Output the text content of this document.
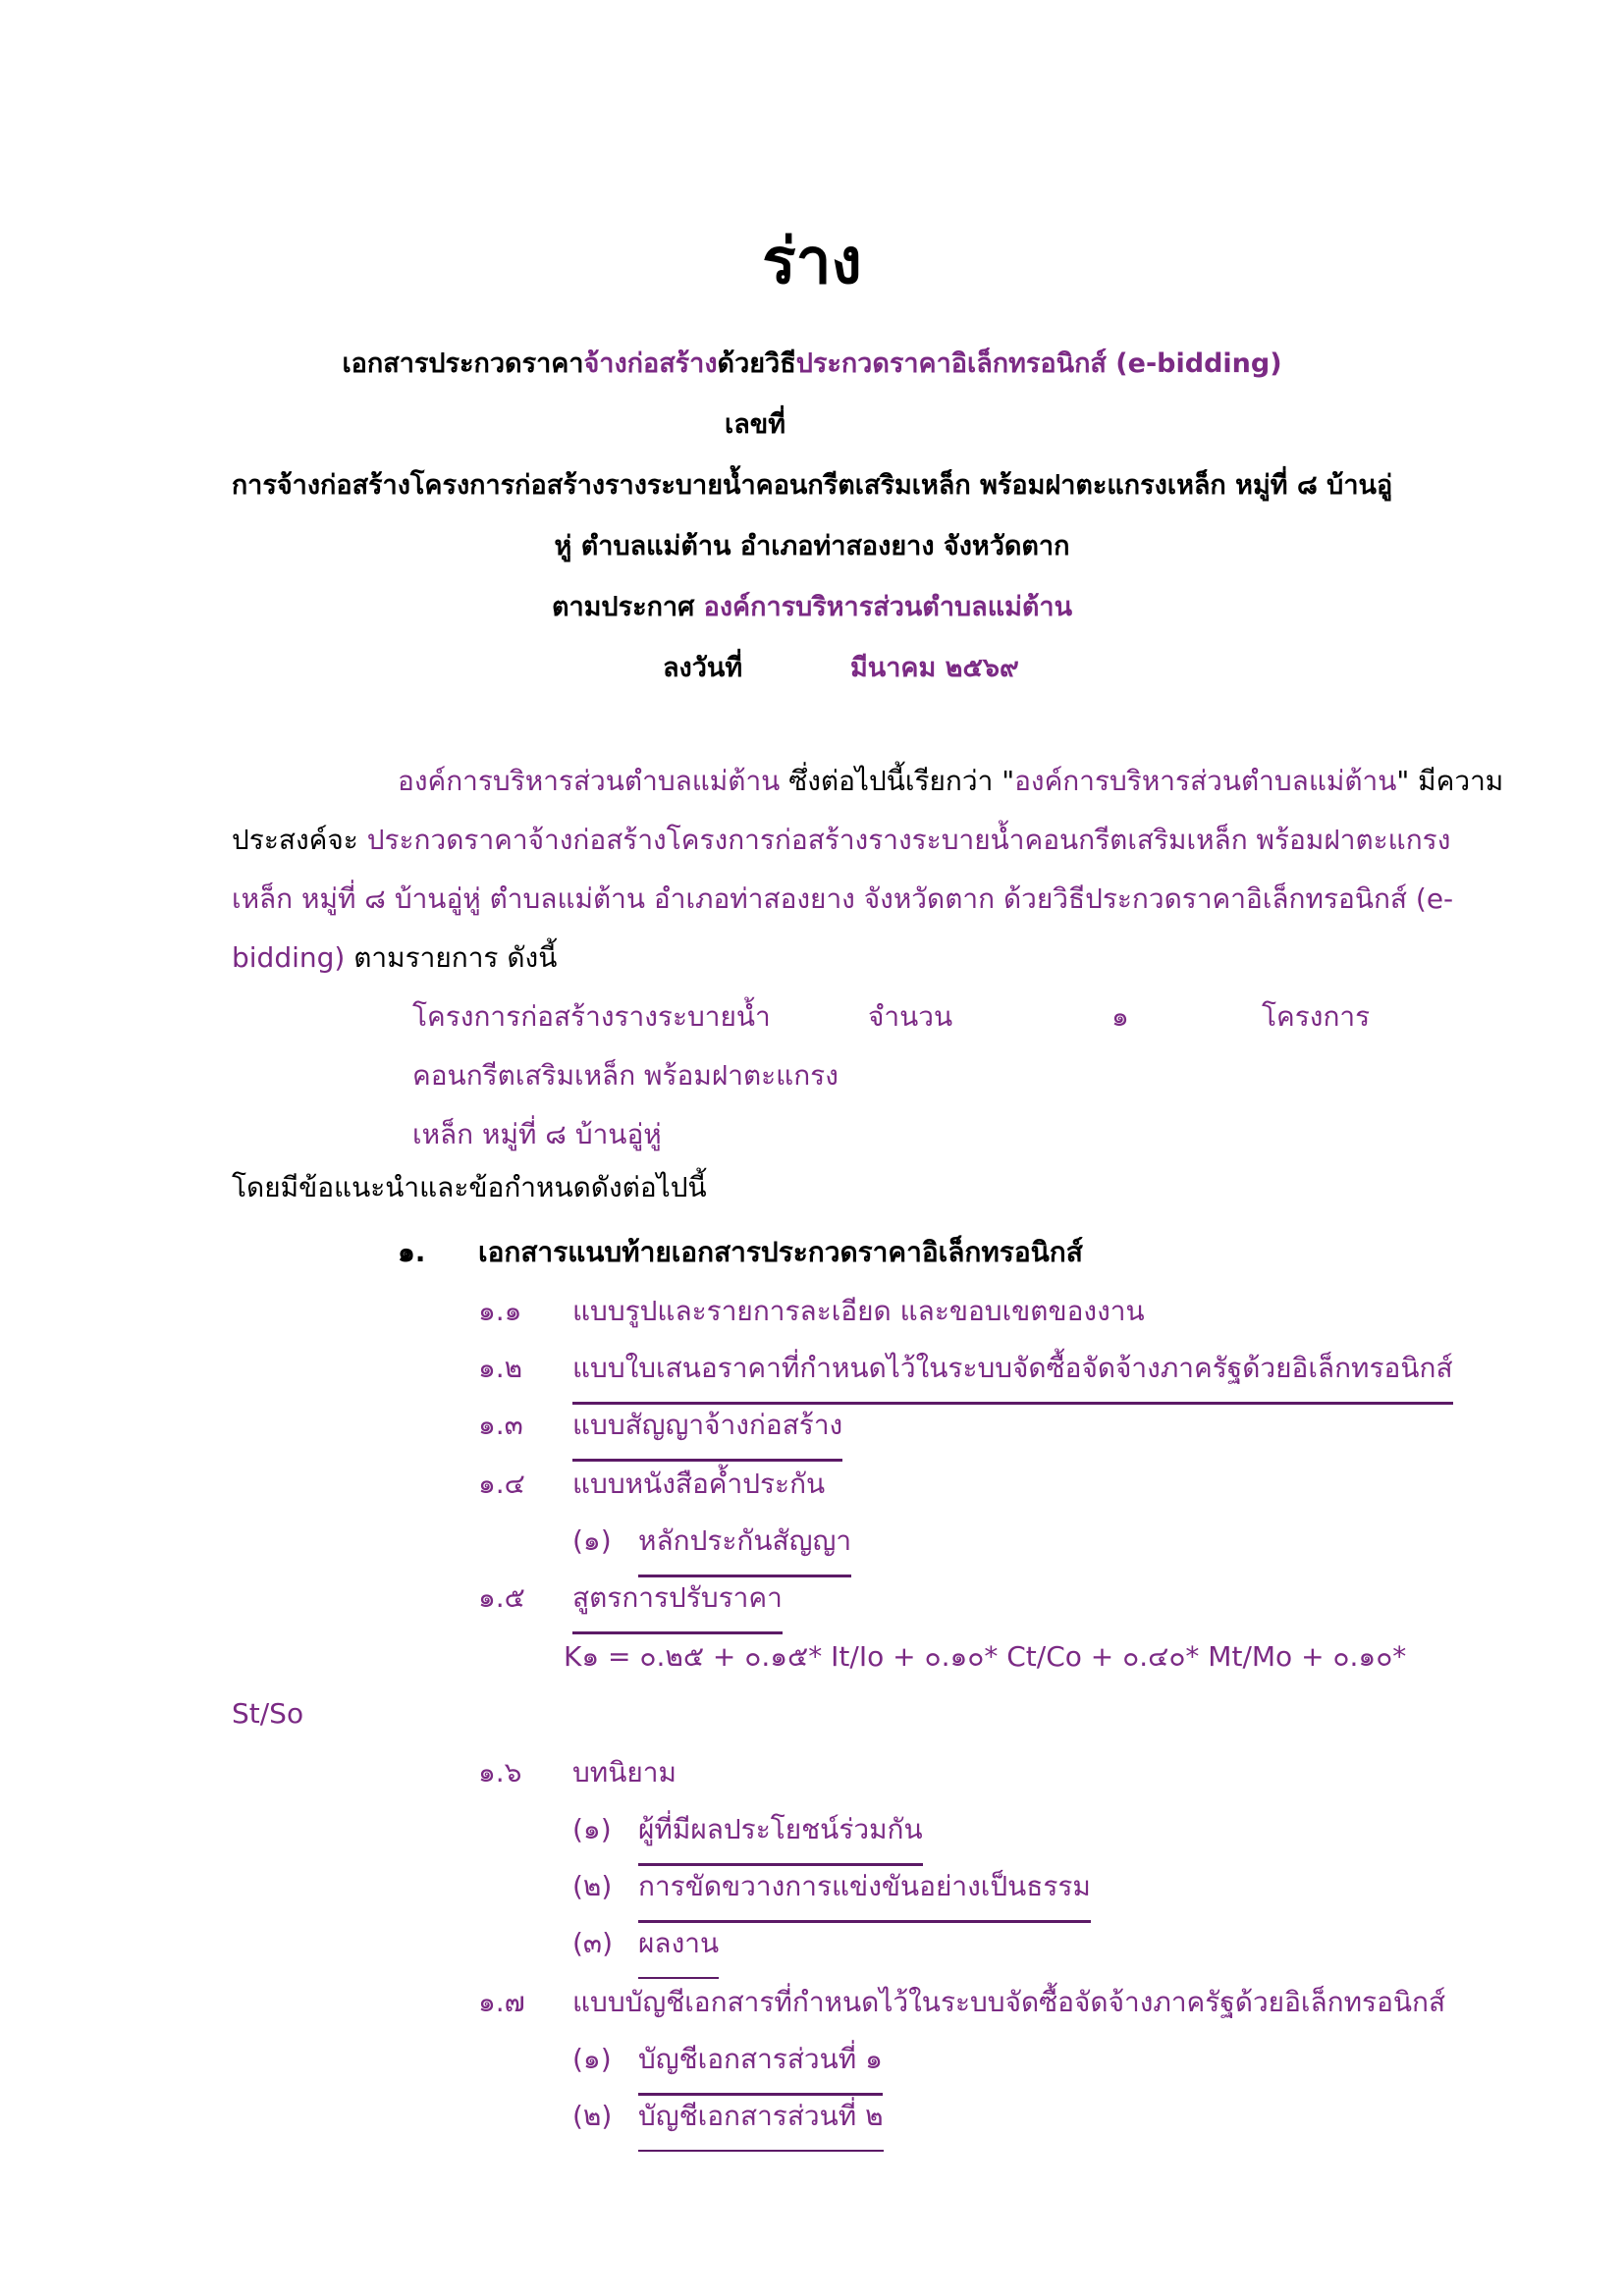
ร่าง
เอกสารประกวดราคาจ้างก่อสร้างด้วยวิธีประกวดราคาอิเล็กทรอนิกส์ (e-bidding)
เลขที่
การจ้างก่อสร้างโครงการก่อสร้างรางระบายน้ำคอนกรีตเสริมเหล็ก พร้อมฝาตะแกรงเหล็ก หมู่ที่ ๘ บ้านอู่
หู่ ตำบลแม่ต้าน อำเภอท่าสองยาง จังหวัดตาก
ตามประกาศ องค์การบริหารส่วนตำบลแม่ต้าน
ลงวันที่	มีนาคม ๒๕๖๙
องค์การบริหารส่วนตำบลแม่ต้าน ซึ่งต่อไปนี้เรียกว่า "องค์การบริหารส่วนตำบลแม่ต้าน" มีความ
ประสงค์จะ ประกวดราคาจ้างก่อสร้างโครงการก่อสร้างรางระบายน้ำคอนกรีตเสริมเหล็ก พร้อมฝาตะแกรง
เหล็ก หมู่ที่ ๘ บ้านอู่หู่ ตำบลแม่ต้าน อำเภอท่าสองยาง จังหวัดตาก ด้วยวิธีประกวดราคาอิเล็กทรอนิกส์ (e-
bidding) ตามรายการ ดังนี้
โครงการก่อสร้างรางระบายน้ำ	จำนวน	๑	โครงการ
คอนกรีตเสริมเหล็ก พร้อมฝาตะแกรง
เหล็ก หมู่ที่ ๘ บ้านอู่หู่
โดยมีข้อแนะนำและข้อกำหนดดังต่อไปนี้
๑. เอกสารแนบท้ายเอกสารประกวดราคาอิเล็กทรอนิกส์
๑.๑ แบบรูปและรายการละเอียด และขอบเขตของงาน
๑.๒ แบบใบเสนอราคาที่กำหนดไว้ในระบบจัดซื้อจัดจ้างภาครัฐด้วยอิเล็กทรอนิกส์
๑.๓ แบบสัญญาจ้างก่อสร้าง
๑.๔ แบบหนังสือค้ำประกัน
(๑) หลักประกันสัญญา
๑.๕ สูตรการปรับราคา
K๑ = ๐.๒๕ + ๐.๑๕* It/Io + ๐.๑๐* Ct/Co + ๐.๔๐* Mt/Mo + ๐.๑๐*
St/So
๑.๖ บทนิยาม
(๑) ผู้ที่มีผลประโยชน์ร่วมกัน
(๒) การขัดขวางการแข่งขันอย่างเป็นธรรม
(๓) ผลงาน
๑.๗ แบบบัญชีเอกสารที่กำหนดไว้ในระบบจัดซื้อจัดจ้างภาครัฐด้วยอิเล็กทรอนิกส์
(๑) บัญชีเอกสารส่วนที่ ๑
(๒) บัญชีเอกสารส่วนที่ ๒
